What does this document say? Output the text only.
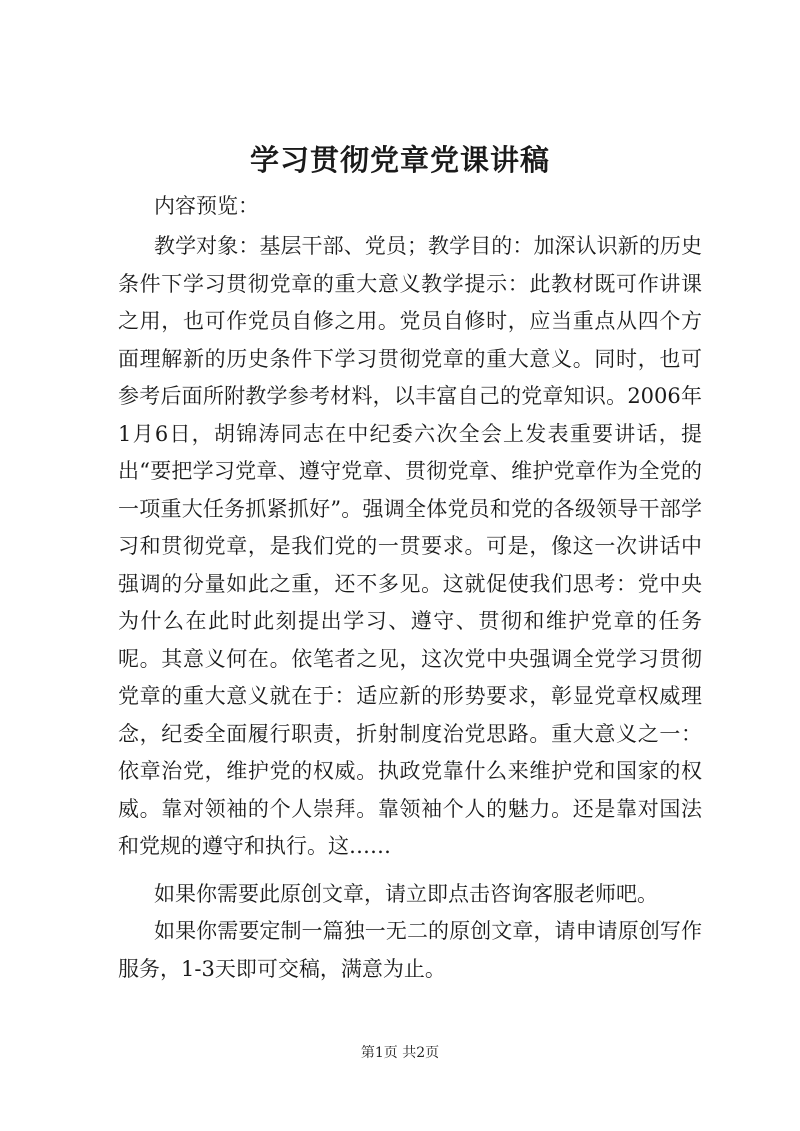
学习贯彻党章党课讲稿

内容预览：

教学对象：基层干部、党员；教学目的：加深认识新的历史条件下学习贯彻党章的重大意义教学提示：此教材既可作讲课之用，也可作党员自修之用。党员自修时，应当重点从四个方面理解新的历史条件下学习贯彻党章的重大意义。同时，也可参考后面所附教学参考材料，以丰富自己的党章知识。2006年1月6日，胡锦涛同志在中纪委六次全会上发表重要讲话，提出“要把学习党章、遵守党章、贯彻党章、维护党章作为全党的一项重大任务抓紧抓好”。强调全体党员和党的各级领导干部学习和贯彻党章，是我们党的一贯要求。可是，像这一次讲话中强调的分量如此之重，还不多见。这就促使我们思考：党中央为什么在此时此刻提出学习、遵守、贯彻和维护党章的任务呢。其意义何在。依笔者之见，这次党中央强调全党学习贯彻党章的重大意义就在于：适应新的形势要求，彰显党章权威理念，纪委全面履行职责，折射制度治党思路。重大意义之一：依章治党，维护党的权威。执政党靠什么来维护党和国家的权威。靠对领袖的个人崇拜。靠领袖个人的魅力。还是靠对国法和党规的遵守和执行。这……

如果你需要此原创文章，请立即点击咨询客服老师吧。

如果你需要定制一篇独一无二的原创文章，请申请原创写作服务，1-3天即可交稿，满意为止。

第1页 共2页
